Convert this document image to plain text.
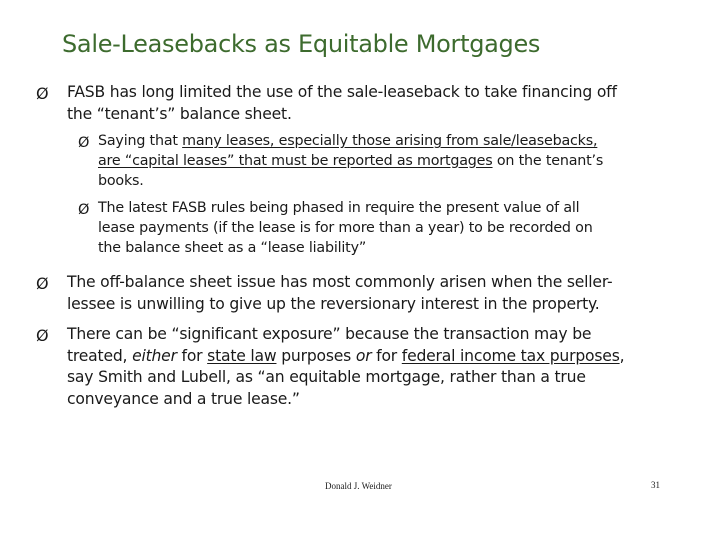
Sale-Leasebacks as Equitable Mortgages
Ø FASB has long limited the use of the sale-leaseback to take financing off
the “tenant’s” balance sheet.
Ø Saying that many leases, especially those arising from sale/leasebacks,
are “capital leases” that must be reported as mortgages on the tenant’s
books.
Ø The latest FASB rules being phased in require the present value of all
lease payments (if the lease is for more than a year) to be recorded on
the balance sheet as a “lease liability”
Ø The off-balance sheet issue has most commonly arisen when the seller-
lessee is unwilling to give up the reversionary interest in the property.
Ø There can be “significant exposure” because the transaction may be
treated, either for state law purposes or for federal income tax purposes,
say Smith and Lubell, as “an equitable mortgage, rather than a true
conveyance and a true lease.”
Donald J. Weidner	31
